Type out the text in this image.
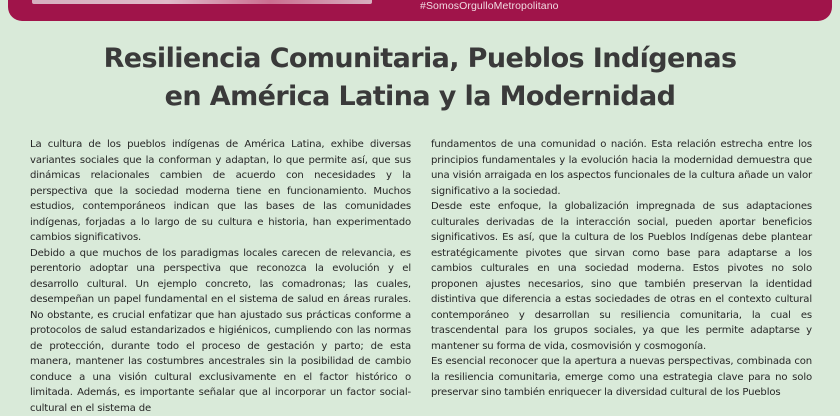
#SomosOrgulloMetropolitano
Resiliencia Comunitaria, Pueblos Indígenas
en América Latina y la Modernidad

La cultura de los pueblos indígenas de América Latina, exhibe diversas variantes sociales que la conforman y adaptan, lo que permite así, que sus dinámicas relacionales cambien de acuerdo con necesidades y la perspectiva que la sociedad moderna tiene en funcionamiento. Muchos estudios, contemporáneos indican que las bases de las comunidades indígenas, forjadas a lo largo de su cultura e historia, han experimentado cambios significativos.

Debido a que muchos de los paradigmas locales carecen de relevancia, es perentorio adoptar una perspectiva que reconozca la evolución y el desarrollo cultural. Un ejemplo concreto, las comadronas; las cuales, desempeñan un papel fundamental en el sistema de salud en áreas rurales. No obstante, es crucial enfatizar que han ajustado sus prácticas conforme a protocolos de salud estandarizados e higiénicos, cumpliendo con las normas de protección, durante todo el proceso de gestación y parto; de esta manera, mantener las costumbres ancestrales sin la posibilidad de cambio conduce a una visión cultural exclusivamente en el factor histórico o limitada. Además, es importante señalar que al incorporar un factor social-cultural en el sistema de

fundamentos de una comunidad o nación. Esta relación estrecha entre los principios fundamentales y la evolución hacia la modernidad demuestra que una visión arraigada en los aspectos funcionales de la cultura añade un valor significativo a la sociedad.

Desde este enfoque, la globalización impregnada de sus adaptaciones culturales derivadas de la interacción social, pueden aportar beneficios significativos. Es así, que la cultura de los Pueblos Indígenas debe plantear estratégicamente pivotes que sirvan como base para adaptarse a los cambios culturales en una sociedad moderna. Estos pivotes no solo proponen ajustes necesarios, sino que también preservan la identidad distintiva que diferencia a estas sociedades de otras en el contexto cultural contemporáneo y desarrollan su resiliencia comunitaria, la cual es trascendental para los grupos sociales, ya que les permite adaptarse y mantener su forma de vida, cosmovisión y cosmogonía.

Es esencial reconocer que la apertura a nuevas perspectivas, combinada con la resiliencia comunitaria, emerge como una estrategia clave para no solo preservar sino también enriquecer la diversidad cultural de los Pueblos
